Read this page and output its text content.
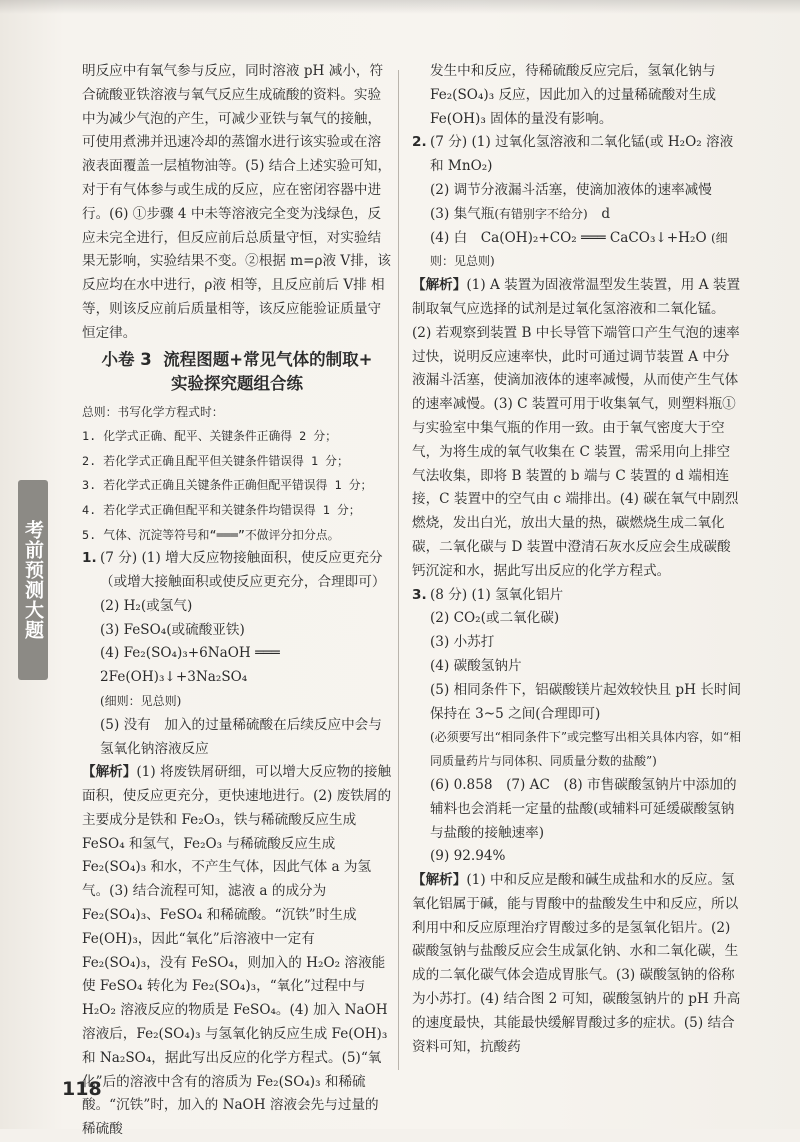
明反应中有氧气参与反应，同时溶液 pH 减小，符合硫酸亚铁溶液与氧气反应生成硫酸的资料。实验中为减少气泡的产生，可减少亚铁与氧气的接触，可使用煮沸并迅速冷却的蒸馏水进行该实验或在溶液表面覆盖一层植物油等。(5) 结合上述实验可知，对于有气体参与或生成的反应，应在密闭容器中进行。(6) ①步骤 4 中未等溶液完全变为浅绿色，反应未完全进行，但反应前后总质量守恒，对实验结果无影响，实验结果不变。②根据 m=ρ液 V排，该反应均在水中进行，ρ液 相等，且反应前后 V排 相等，则该反应前后质量相等，该反应能验证质量守恒定律。

小卷 3 流程图题+常见气体的制取+
实验探究题组合练
总则：书写化学方程式时：
1. 化学式正确、配平、关键条件正确得 2 分；
2. 若化学式正确且配平但关键条件错误得 1 分；
3. 若化学式正确且关键条件正确但配平错误得 1 分；
4. 若化学式正确但配平和关键条件均错误得 1 分；
5. 气体、沉淀等符号和“═══”不做评分扣分点。
1. (7 分) (1) 增大反应物接触面积，使反应更充分（或增大接触面积或使反应更充分，合理即可）

(2) H₂(或氢气)

(3) FeSO₄(或硫酸亚铁)

(4) Fe₂(SO₄)₃+6NaOH ═══ 2Fe(OH)₃↓+3Na₂SO₄

(细则：见总则)

(5) 没有　加入的过量稀硫酸在后续反应中会与氢氧化钠溶液反应

【解析】(1) 将废铁屑研细，可以增大反应物的接触面积，使反应更充分，更快速地进行。(2) 废铁屑的主要成分是铁和 Fe₂O₃，铁与稀硫酸反应生成 FeSO₄ 和氢气，Fe₂O₃ 与稀硫酸反应生成 Fe₂(SO₄)₃ 和水，不产生气体，因此气体 a 为氢气。(3) 结合流程可知，滤液 a 的成分为 Fe₂(SO₄)₃、FeSO₄ 和稀硫酸。“沉铁”时生成 Fe(OH)₃，因此“氧化”后溶液中一定有 Fe₂(SO₄)₃，没有 FeSO₄，则加入的 H₂O₂ 溶液能使 FeSO₄ 转化为 Fe₂(SO₄)₃，“氧化”过程中与 H₂O₂ 溶液反应的物质是 FeSO₄。(4) 加入 NaOH 溶液后，Fe₂(SO₄)₃ 与氢氧化钠反应生成 Fe(OH)₃ 和 Na₂SO₄，据此写出反应的化学方程式。(5)“氧化”后的溶液中含有的溶质为 Fe₂(SO₄)₃ 和稀硫酸。“沉铁”时，加入的 NaOH 溶液会先与过量的稀硫酸

发生中和反应，待稀硫酸反应完后，氢氧化钠与 Fe₂(SO₄)₃ 反应，因此加入的过量稀硫酸对生成 Fe(OH)₃ 固体的量没有影响。

2. (7 分) (1) 过氧化氢溶液和二氧化锰(或 H₂O₂ 溶液和 MnO₂)

(2) 调节分液漏斗活塞，使滴加液体的速率减慢

(3) 集气瓶(有错别字不给分)　d

(4) 白　Ca(OH)₂+CO₂ ═══ CaCO₃↓+H₂O (细则：见总则)

【解析】(1) A 装置为固液常温型发生装置，用 A 装置制取氧气应选择的试剂是过氧化氢溶液和二氧化锰。(2) 若观察到装置 B 中长导管下端管口产生气泡的速率过快，说明反应速率快，此时可通过调节装置 A 中分液漏斗活塞，使滴加液体的速率减慢，从而使产生气体的速率减慢。(3) C 装置可用于收集氧气，则塑料瓶①与实验室中集气瓶的作用一致。由于氧气密度大于空气，为将生成的氧气收集在 C 装置，需采用向上排空气法收集，即将 B 装置的 b 端与 C 装置的 d 端相连接，C 装置中的空气由 c 端排出。(4) 碳在氧气中剧烈燃烧，发出白光，放出大量的热，碳燃烧生成二氧化碳，二氧化碳与 D 装置中澄清石灰水反应会生成碳酸钙沉淀和水，据此写出反应的化学方程式。

3. (8 分) (1) 氢氧化铝片

(2) CO₂(或二氧化碳)

(3) 小苏打

(4) 碳酸氢钠片

(5) 相同条件下，铝碳酸镁片起效较快且 pH 长时间保持在 3~5 之间(合理即可)

(必须要写出“相同条件下”或完整写出相关具体内容，如“相同质量药片与同体积、同质量分数的盐酸”)

(6) 0.858　(7) AC　(8) 市售碳酸氢钠片中添加的辅料也会消耗一定量的盐酸(或辅料可延缓碳酸氢钠与盐酸的接触速率)

(9) 92.94%

【解析】(1) 中和反应是酸和碱生成盐和水的反应。氢氧化铝属于碱，能与胃酸中的盐酸发生中和反应，所以利用中和反应原理治疗胃酸过多的是氢氧化铝片。(2) 碳酸氢钠与盐酸反应会生成氯化钠、水和二氧化碳，生成的二氧化碳气体会造成胃胀气。(3) 碳酸氢钠的俗称为小苏打。(4) 结合图 2 可知，碳酸氢钠片的 pH 升高的速度最快，其能最快缓解胃酸过多的症状。(5) 结合资料可知，抗酸药

考前预测大题
118
